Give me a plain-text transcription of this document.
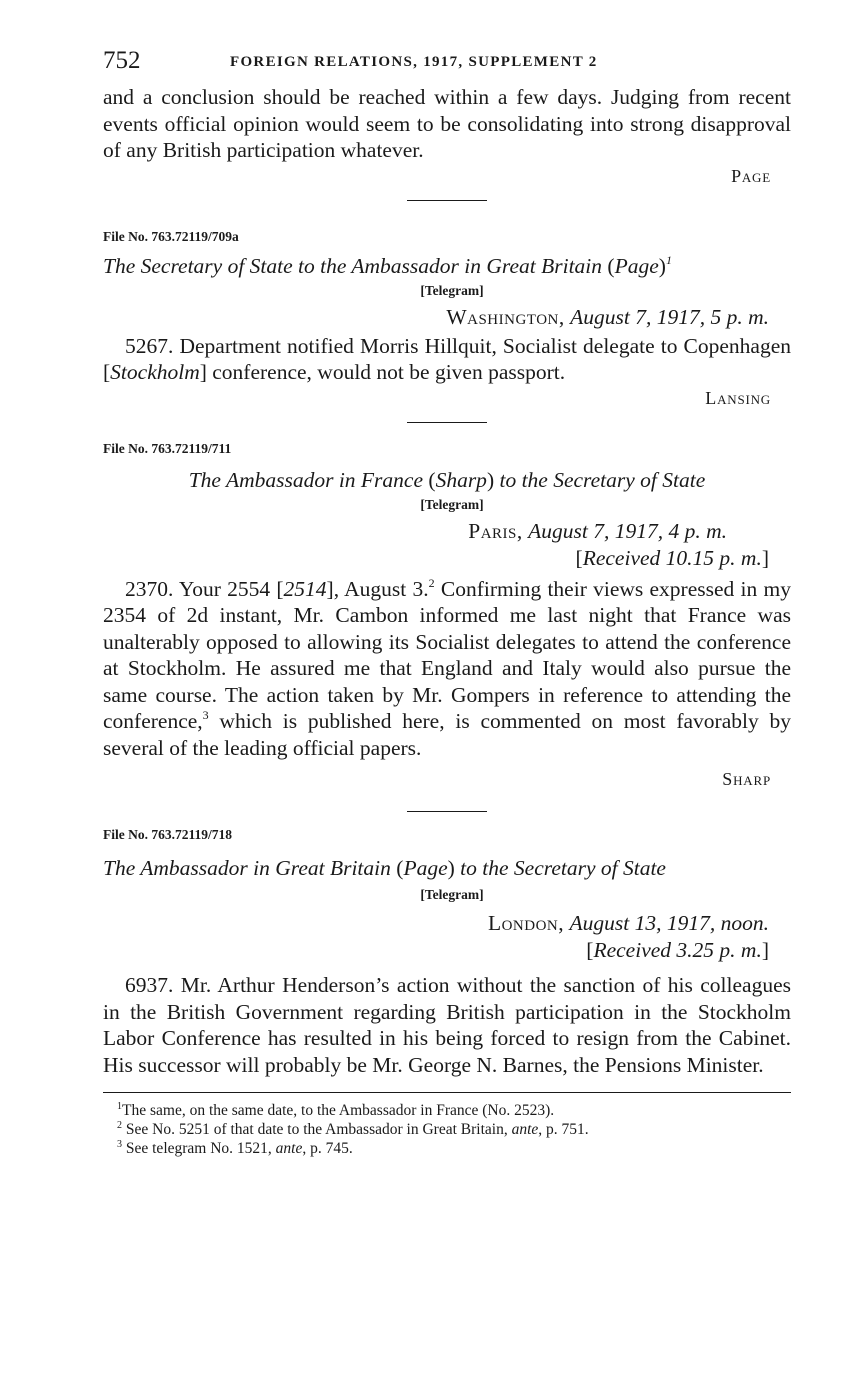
752	FOREIGN RELATIONS, 1917, SUPPLEMENT 2

and a conclusion should be reached within a few days. Judging from recent events official opinion would seem to be consolidating into strong disapproval of any British participation whatever.

Page

File No. 763.72119/709a

The Secretary of State to the Ambassador in Great Britain (Page)$^1$

[Telegram]

Washington, August 7, 1917, 5 p. m.

5267. Department notified Morris Hillquit, Socialist delegate to Copenhagen [Stockholm] conference, would not be given passport.

Lansing

File No. 763.72119/711

The Ambassador in France (Sharp) to the Secretary of State

[Telegram]

Paris, August 7, 1917, 4 p. m.

[Received 10.15 p. m.]

2370. Your 2554 [2514], August 3.$^2$ Confirming their views expressed in my 2354 of 2d instant, Mr. Cambon informed me last night that France was unalterably opposed to allowing its Socialist delegates to attend the conference at Stockholm. He assured me that England and Italy would also pursue the same course. The action taken by Mr. Gompers in reference to attending the conference,$^3$ which is published here, is commented on most favorably by several of the leading official papers.

Sharp

File No. 763.72119/718

The Ambassador in Great Britain (Page) to the Secretary of State

[Telegram]

London, August 13, 1917, noon.

[Received 3.25 p. m.]

6937. Mr. Arthur Henderson’s action without the sanction of his colleagues in the British Government regarding British participation in the Stockholm Labor Conference has resulted in his being forced to resign from the Cabinet. His successor will probably be Mr. George N. Barnes, the Pensions Minister.

$^1$The same, on the same date, to the Ambassador in France (No. 2523).

$^2$ See No. 5251 of that date to the Ambassador in Great Britain, ante, p. 751.

$^3$ See telegram No. 1521, ante, p. 745.
